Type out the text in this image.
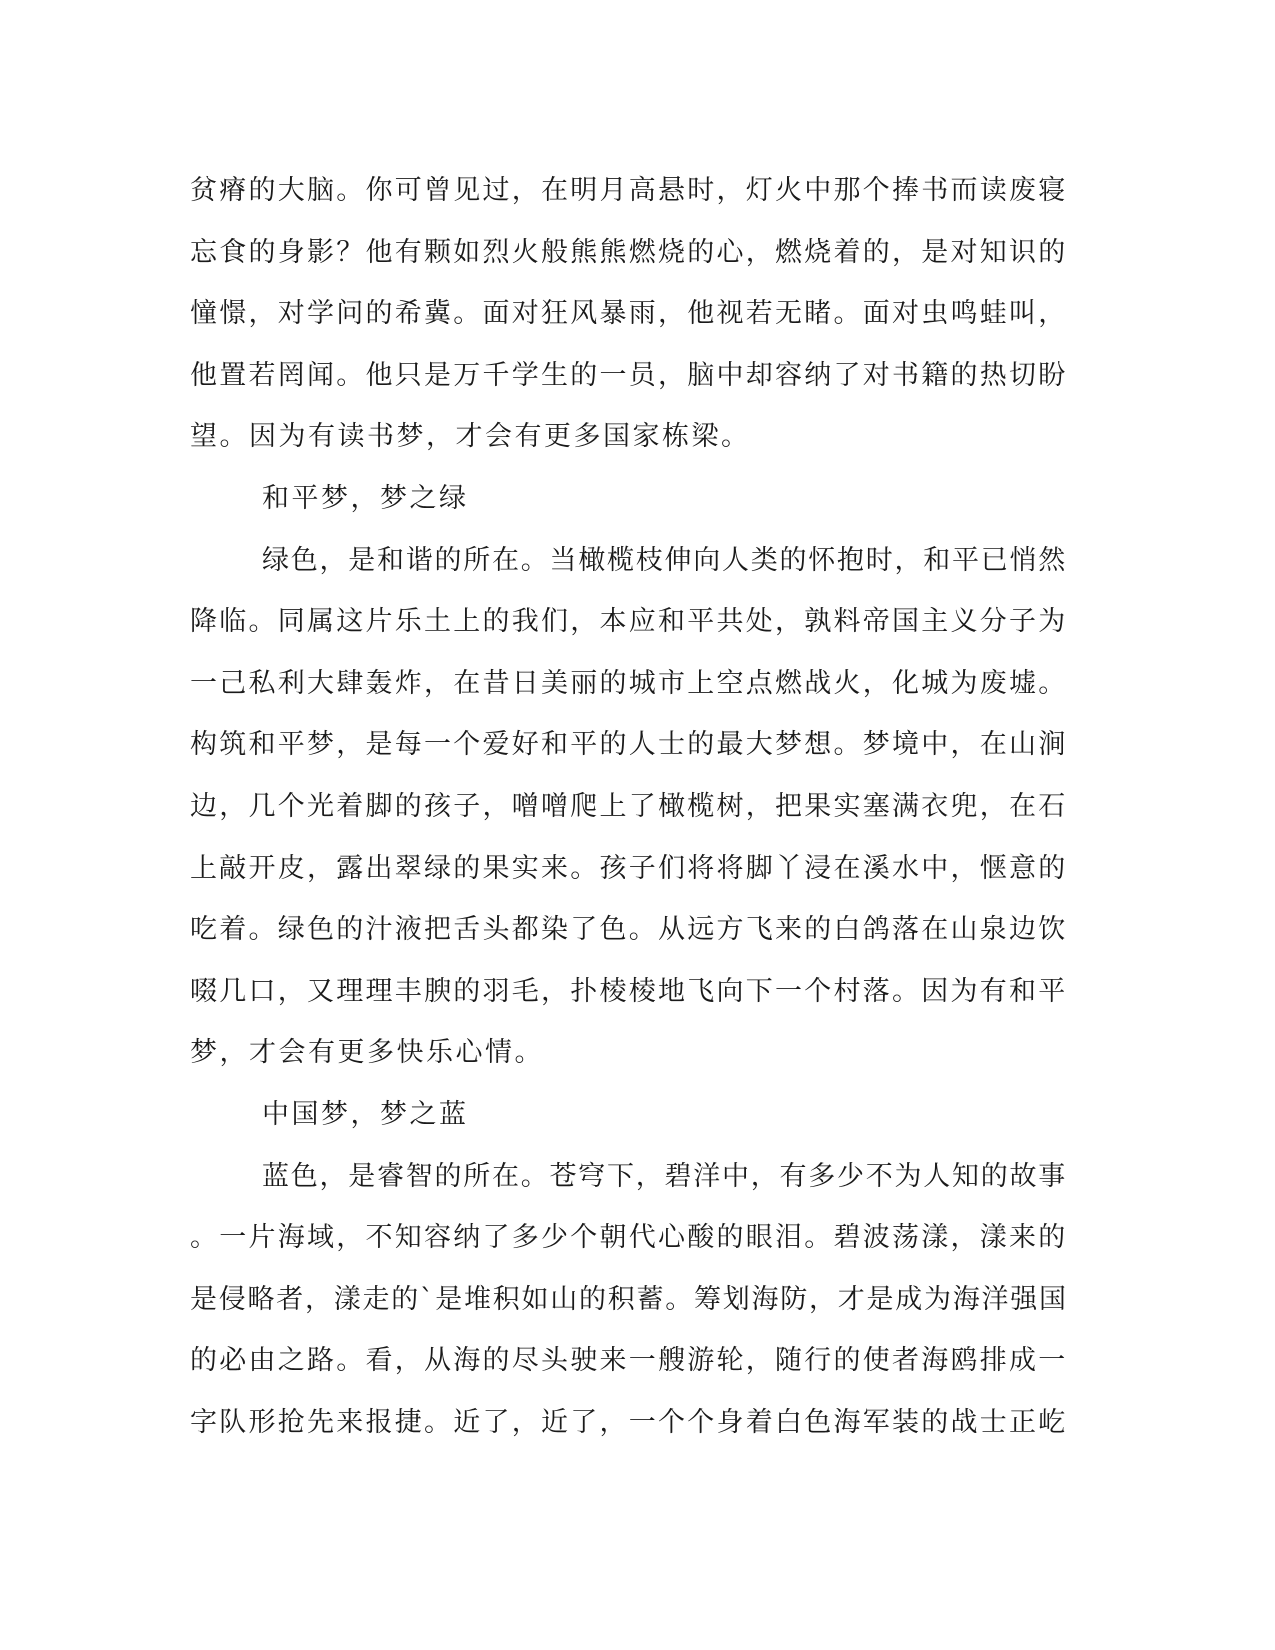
贫瘠的大脑。你可曾见过，在明月高悬时，灯火中那个捧书而读废寝
忘食的身影？他有颗如烈火般熊熊燃烧的心，燃烧着的，是对知识的
憧憬，对学问的希冀。面对狂风暴雨，他视若无睹。面对虫鸣蛙叫，
他置若罔闻。他只是万千学生的一员，脑中却容纳了对书籍的热切盼
望。因为有读书梦，才会有更多国家栋梁。
和平梦，梦之绿
绿色，是和谐的所在。当橄榄枝伸向人类的怀抱时，和平已悄然
降临。同属这片乐土上的我们，本应和平共处，孰料帝国主义分子为
一己私利大肆轰炸，在昔日美丽的城市上空点燃战火，化城为废墟。
构筑和平梦，是每一个爱好和平的人士的最大梦想。梦境中，在山涧
边，几个光着脚的孩子，噌噌爬上了橄榄树，把果实塞满衣兜，在石
上敲开皮，露出翠绿的果实来。孩子们将将脚丫浸在溪水中，惬意的
吃着。绿色的汁液把舌头都染了色。从远方飞来的白鸽落在山泉边饮
啜几口，又理理丰腴的羽毛，扑棱棱地飞向下一个村落。因为有和平
梦，才会有更多快乐心情。
中国梦，梦之蓝
蓝色，是睿智的所在。苍穹下，碧洋中，有多少不为人知的故事
。一片海域，不知容纳了多少个朝代心酸的眼泪。碧波荡漾，漾来的
是侵略者，漾走的`是堆积如山的积蓄。筹划海防，才是成为海洋强国
的必由之路。看，从海的尽头驶来一艘游轮，随行的使者海鸥排成一
字队形抢先来报捷。近了，近了，一个个身着白色海军装的战士正屹
